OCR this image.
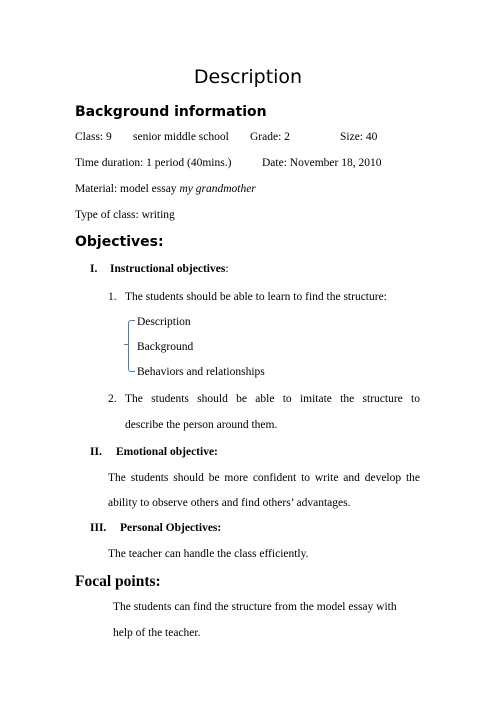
Description
Background information
Class: 9 senior middle school Grade: 2	Size: 40
Time duration: 1 period (40mins.)	Date: November 18, 2010
Material: model essay my grandmother
Type of class: writing
Objectives:
I. Instructional objectives:
1. The students should be able to learn to find the structure:
Description
Background
Behaviors and relationships
2. The students should be able to imitate the structure to
describe the person around them.
II. Emotional objective:
The students should be more confident to write and develop the
ability to observe others and find others’ advantages.
III. Personal Objectives:
The teacher can handle the class efficiently.
Focal points:
The students can find the structure from the model essay with
help of the teacher.
